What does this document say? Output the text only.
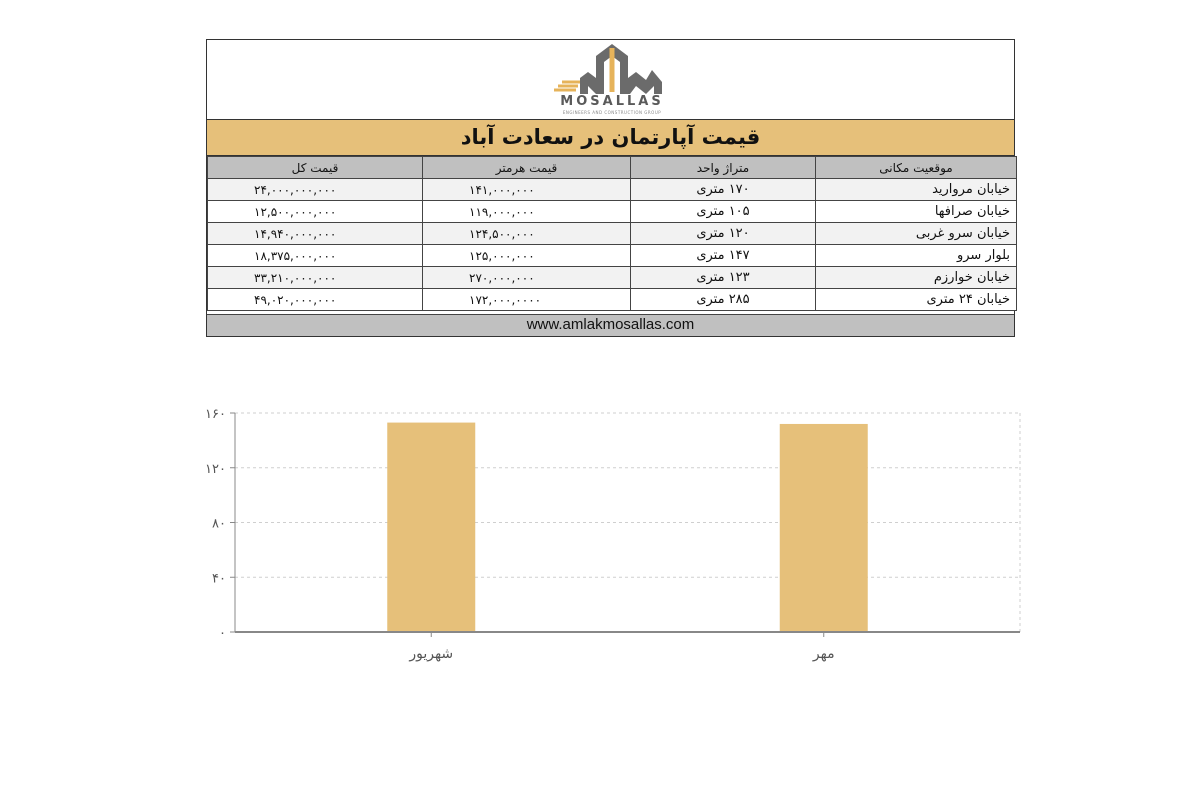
MOSALLAS
ENGINEERS AND CONSTRUCTION GROUP
قیمت آپارتمان در سعادت آباد
موقعیت مکانی	متراژ واحد	قیمت هرمتر	قیمت کل
خیابان مروارید	۱۷۰ متری	۱۴۱,۰۰۰,۰۰۰	۲۴,۰۰۰,۰۰۰,۰۰۰
خیابان صرافها	۱۰۵ متری	۱۱۹,۰۰۰,۰۰۰	۱۲,۵۰۰,۰۰۰,۰۰۰
خیابان سرو غربی	۱۲۰ متری	۱۲۴,۵۰۰,۰۰۰	۱۴,۹۴۰,۰۰۰,۰۰۰
بلوار سرو	۱۴۷ متری	۱۲۵,۰۰۰,۰۰۰	۱۸,۳۷۵,۰۰۰,۰۰۰
خیابان خوارزم	۱۲۳ متری	۲۷۰,۰۰۰,۰۰۰	۳۳,۲۱۰,۰۰۰,۰۰۰
خیابان ۲۴ متری	۲۸۵ متری	۱۷۲,۰۰۰,۰۰۰۰	۴۹,۰۲۰,۰۰۰,۰۰۰
www.amlakmosallas.com
۰
۴۰
۸۰
۱۲۰
۱۶۰
شهریور	مهر
